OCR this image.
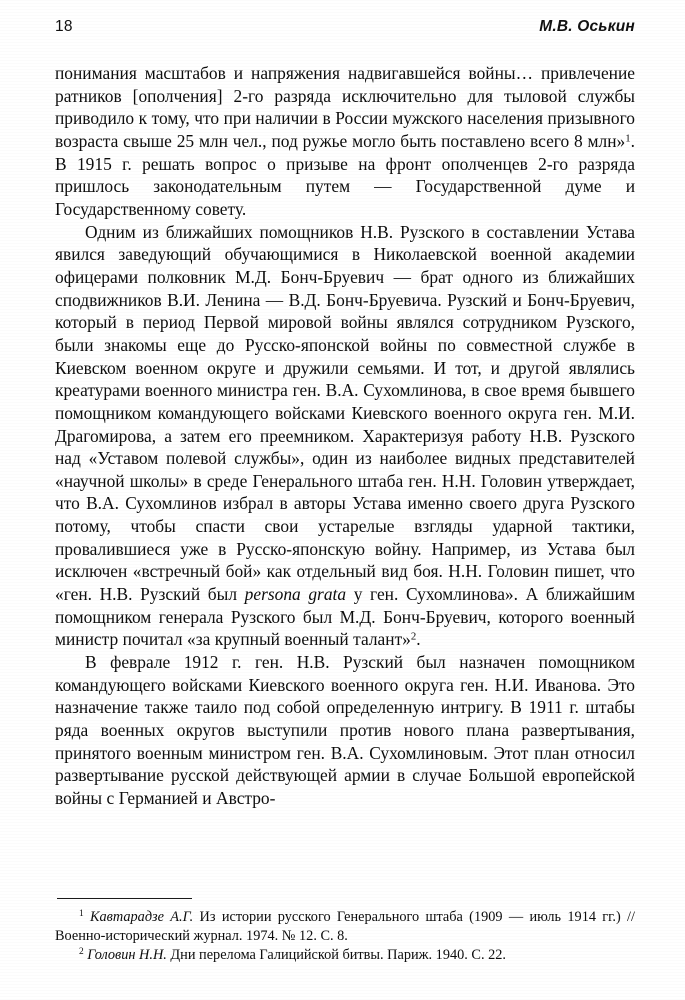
18	М.В. Оськин

понимания масштабов и напряжения надвигавшейся войны… привлечение ратников [ополчения] 2-го разряда исключительно для тыловой службы приводило к тому, что при наличии в России мужского населения призывного возраста свыше 25 млн чел., под ружье могло быть поставлено всего 8 млн»$^1$. В 1915 г. решать вопрос о призыве на фронт ополченцев 2-го разряда пришлось законодательным путем — Государственной думе и Государственному совету.

Одним из ближайших помощников Н.В. Рузского в составлении Устава явился заведующий обучающимися в Николаевской военной академии офицерами полковник М.Д. Бонч-Бруевич — брат одного из ближайших сподвижников В.И. Ленина — В.Д. Бонч-Бруевича. Рузский и Бонч-Бруевич, который в период Первой мировой войны являлся сотрудником Рузского, были знакомы еще до Русско-японской войны по совместной службе в Киевском военном округе и дружили семьями. И тот, и другой являлись креатурами военного министра ген. В.А. Сухомлинова, в свое время бывшего помощником командующего войсками Киевского военного округа ген. М.И. Драгомирова, а затем его преемником. Характеризуя работу Н.В. Рузского над «Уставом полевой службы», один из наиболее видных представителей «научной школы» в среде Генерального штаба ген. Н.Н. Головин утверждает, что В.А. Сухомлинов избрал в авторы Устава именно своего друга Рузского потому, чтобы спасти свои устарелые взгляды ударной тактики, провалившиеся уже в Русско-японскую войну. Например, из Устава был исключен «встречный бой» как отдельный вид боя. Н.Н. Головин пишет, что «ген. Н.В. Рузский был persona grata у ген. Сухомлинова». А ближайшим помощником генерала Рузского был М.Д. Бонч-Бруевич, которого военный министр почитал «за крупный военный талант»$^2$.

В феврале 1912 г. ген. Н.В. Рузский был назначен помощником командующего войсками Киевского военного округа ген. Н.И. Иванова. Это назначение также таило под собой определенную интригу. В 1911 г. штабы ряда военных округов выступили против нового плана развертывания, принятого военным министром ген. В.А. Сухомлиновым. Этот план относил развертывание русской действующей армии в случае Большой европейской войны с Германией и Австро-

$^1$ Кавтарадзе А.Г. Из истории русского Генерального штаба (1909 — июль 1914 гг.) // Военно-исторический журнал. 1974. № 12. С. 8.

$^2$ Головин Н.Н. Дни перелома Галицийской битвы. Париж. 1940. С. 22.
